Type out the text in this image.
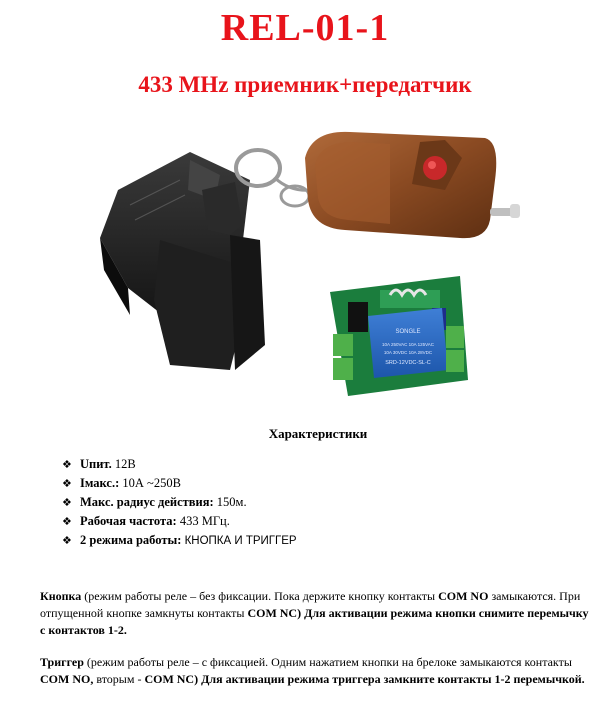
REL-01-1
433 MHz приемник+передатчик
SONGLE
10A 250VAC 10A 125VAC
10A 30VDC 10A 28VDC
SRD-12VDC-SL-C
Характеристики
❖ Uпит. 12В
❖ Iмакс.: 10А ~250В
❖ Макс. радиус действия: 150м.
❖ Рабочая частота: 433 МГц.
❖ 2 режима работы: КНОПКА И ТРИГГЕР
Кнопка (режим работы реле – без фиксации. Пока держите кнопку контакты COM NO замыкаются. При отпущенной кнопке замкнуты контакты COM NC) Для активации режима кнопки снимите перемычку с контактов 1-2.
Триггер (режим работы реле – с фиксацией. Одним нажатием кнопки на брелоке замыкаются контакты COM NO, вторым - COM NC) Для активации режима триггера замкните контакты 1-2 перемычкой.
